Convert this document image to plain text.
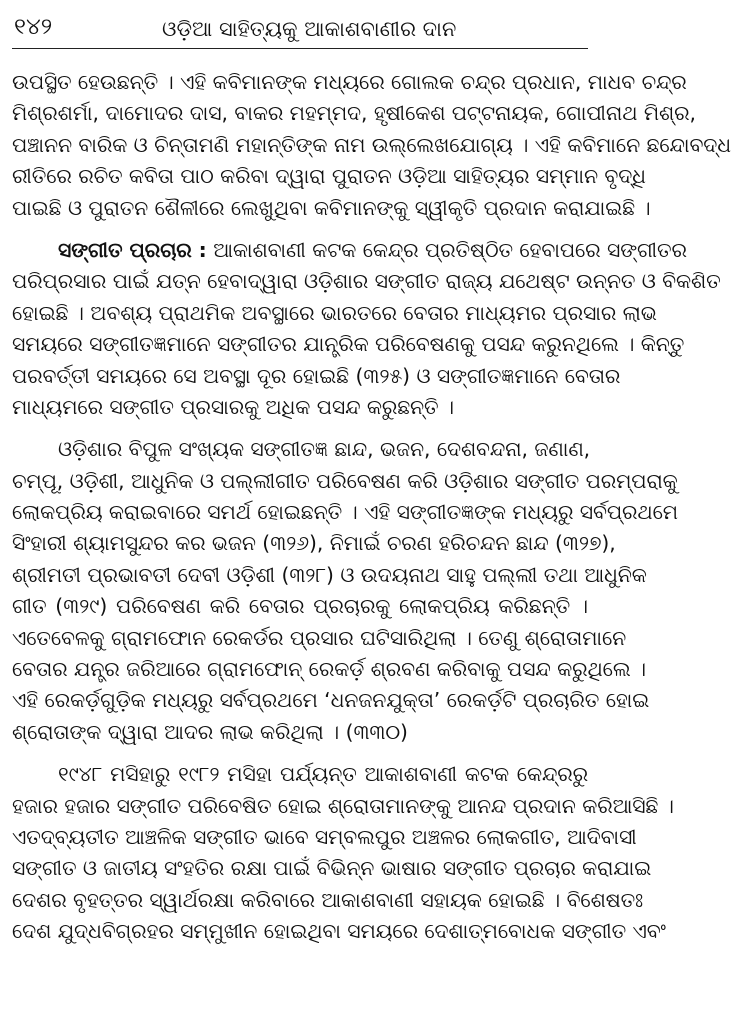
୧୪୨	ଓଡ଼ିଆ ସାହିତ୍ୟକୁ ଆକାଶବାଣୀର ଦାନ
ଉପସ୍ଥିତ ହେଉଛନ୍ତି । ଏହି କବିମାନଙ୍କ ମଧ୍ୟରେ ଗୋଲକ ଚନ୍ଦ୍ର ପ୍ରଧାନ, ମାଧବ ଚନ୍ଦ୍ର
ମିଶ୍ରଶର୍ମା, ଦାମୋଦର ଦାସ, ବାକର ମହମ୍ମଦ, ହୃଷୀକେଶ ପଟ୍ଟନାୟକ, ଗୋପୀନାଥ ମିଶ୍ର,
ପଞ୍ଚାନନ ବାରିକ ଓ ଚିନ୍ତାମଣି ମହାନ୍ତିଙ୍କ ନାମ ଉଲ୍ଲେଖଯୋଗ୍ୟ । ଏହି କବିମାନେ ଛନ୍ଦୋବଦ୍ଧ
ରୀତିରେ ରଚିତ କବିତା ପାଠ କରିବା ଦ୍ୱାରା ପୁରାତନ ଓଡ଼ିଆ ସାହିତ୍ୟର ସମ୍ମାନ ବୃଦ୍ଧି
ପାଇଛି ଓ ପୁରାତନ ଶୈଳୀରେ ଲେଖୁଥିବା କବିମାନଙ୍କୁ ସ୍ୱୀକୃତି ପ୍ରଦାନ କରାଯାଇଛି ।
ସଙ୍ଗୀତ ପ୍ରଚାର : ଆକାଶବାଣୀ କଟକ କେନ୍ଦ୍ର ପ୍ରତିଷ୍ଠିତ ହେବାପରେ ସଙ୍ଗୀତର
ପରିପ୍ରସାର ପାଇଁ ଯତ୍ନ ହେବାଦ୍ୱାରା ଓଡ଼ିଶାର ସଙ୍ଗୀତ ରାଜ୍ୟ ଯଥେଷ୍ଟ ଉନ୍ନତ ଓ ବିକଶିତ
ହୋଇଛି । ଅବଶ୍ୟ ପ୍ରାଥମିକ ଅବସ୍ଥାରେ ଭାରତରେ ବେତାର ମାଧ୍ୟମର ପ୍ରସାର ଲାଭ
ସମୟରେ ସଙ୍ଗୀତଜ୍ଞମାନେ ସଙ୍ଗୀତର ଯାନ୍ତ୍ରିକ ପରିବେଷଣକୁ ପସନ୍ଦ କରୁନଥିଲେ । କିନ୍ତୁ
ପରବର୍ତ୍ତୀ ସମୟରେ ସେ ଅବସ୍ଥା ଦୂର ହୋଇଛି (୩୨୫) ଓ ସଙ୍ଗୀତଜ୍ଞମାନେ ବେତାର
ମାଧ୍ୟମରେ ସଙ୍ଗୀତ ପ୍ରସାରକୁ ଅଧିକ ପସନ୍ଦ କରୁଛନ୍ତି ।
ଓଡ଼ିଶାର ବିପୁଳ ସଂଖ୍ୟକ ସଙ୍ଗୀତଜ୍ଞ ଛାନ୍ଦ, ଭଜନ, ଦେଶବନ୍ଦନା, ଜଣାଣ,
ଚମ୍ପୂ, ଓଡ଼ିଶୀ, ଆଧୁନିକ ଓ ପଲ୍ଲୀଗୀତ ପରିବେଷଣ କରି ଓଡ଼ିଶାର ସଙ୍ଗୀତ ପରମ୍ପରାକୁ
ଲୋକପ୍ରିୟ କରାଇବାରେ ସମର୍ଥ ହୋଇଛନ୍ତି । ଏହି ସଙ୍ଗୀତଜ୍ଞଙ୍କ ମଧ୍ୟରୁ ସର୍ବପ୍ରଥମେ
ସିଂହାରୀ ଶ୍ୟାମସୁନ୍ଦର କର ଭଜନ (୩୨୬), ନିମାଇଁ ଚରଣ ହରିଚନ୍ଦନ ଛାନ୍ଦ (୩୨୭),
ଶ୍ରୀମତୀ ପ୍ରଭାବତୀ ଦେବୀ ଓଡ଼ିଶୀ (୩୨୮) ଓ ଉଦୟନାଥ ସାହୁ ପଲ୍ଲୀ ତଥା ଆଧୁନିକ
ଗୀତ (୩୨୯) ପରିବେଷଣ କରି ବେତାର ପ୍ରଚାରକୁ ଲୋକପ୍ରିୟ କରିଛନ୍ତି ।
ଏତେବେଳକୁ ଗ୍ରାମଫୋନ ରେକର୍ଡର ପ୍ରସାର ଘଟିସାରିଥିଲା । ତେଣୁ ଶ୍ରୋତାମାନେ
ବେତାର ଯନ୍ତ୍ର ଜରିଆରେ ଗ୍ରାମଫୋନ୍ ରେକର୍ଡ଼ ଶ୍ରବଣ କରିବାକୁ ପସନ୍ଦ କରୁଥିଲେ ।
ଏହି ରେକର୍ଡ଼ଗୁଡ଼ିକ ମଧ୍ୟରୁ ସର୍ବପ୍ରଥମେ ‘ଧନଜନଯୁକ୍ତା’ ରେକର୍ଡ଼ଟି ପ୍ରଚାରିତ ହୋଇ
ଶ୍ରୋତାଙ୍କ ଦ୍ୱାରା ଆଦର ଲାଭ କରିଥିଲା । (୩୩୦)
୧୯୪୮ ମସିହାରୁ ୧୯୮୨ ମସିହା ପର୍ଯ୍ୟନ୍ତ ଆକାଶବାଣୀ କଟକ କେନ୍ଦ୍ରରୁ
ହଜାର ହଜାର ସଙ୍ଗୀତ ପରିବେଷିତ ହୋଇ ଶ୍ରୋତାମାନଙ୍କୁ ଆନନ୍ଦ ପ୍ରଦାନ କରିଆସିଛି ।
ଏତଦ୍‌ବ୍ୟତୀତ ଆଞ୍ଚଳିକ ସଙ୍ଗୀତ ଭାବେ ସମ୍ବଲପୁର ଅଞ୍ଚଳର ଲୋକଗୀତ, ଆଦିବାସୀ
ସଙ୍ଗୀତ ଓ ଜାତୀୟ ସଂହତିର ରକ୍ଷା ପାଇଁ ବିଭିନ୍ନ ଭାଷାର ସଙ୍ଗୀତ ପ୍ରଚାର କରାଯାଇ
ଦେଶର ବୃହତ୍ତର ସ୍ୱାର୍ଥରକ୍ଷା କରିବାରେ ଆକାଶବାଣୀ ସହାୟକ ହୋଇଛି । ବିଶେଷତଃ
ଦେଶ ଯୁଦ୍ଧବିଗ୍ରହର ସମ୍ମୁଖୀନ ହୋଇଥିବା ସମୟରେ ଦେଶାତ୍ମବୋଧକ ସଙ୍ଗୀତ ଏବଂ
